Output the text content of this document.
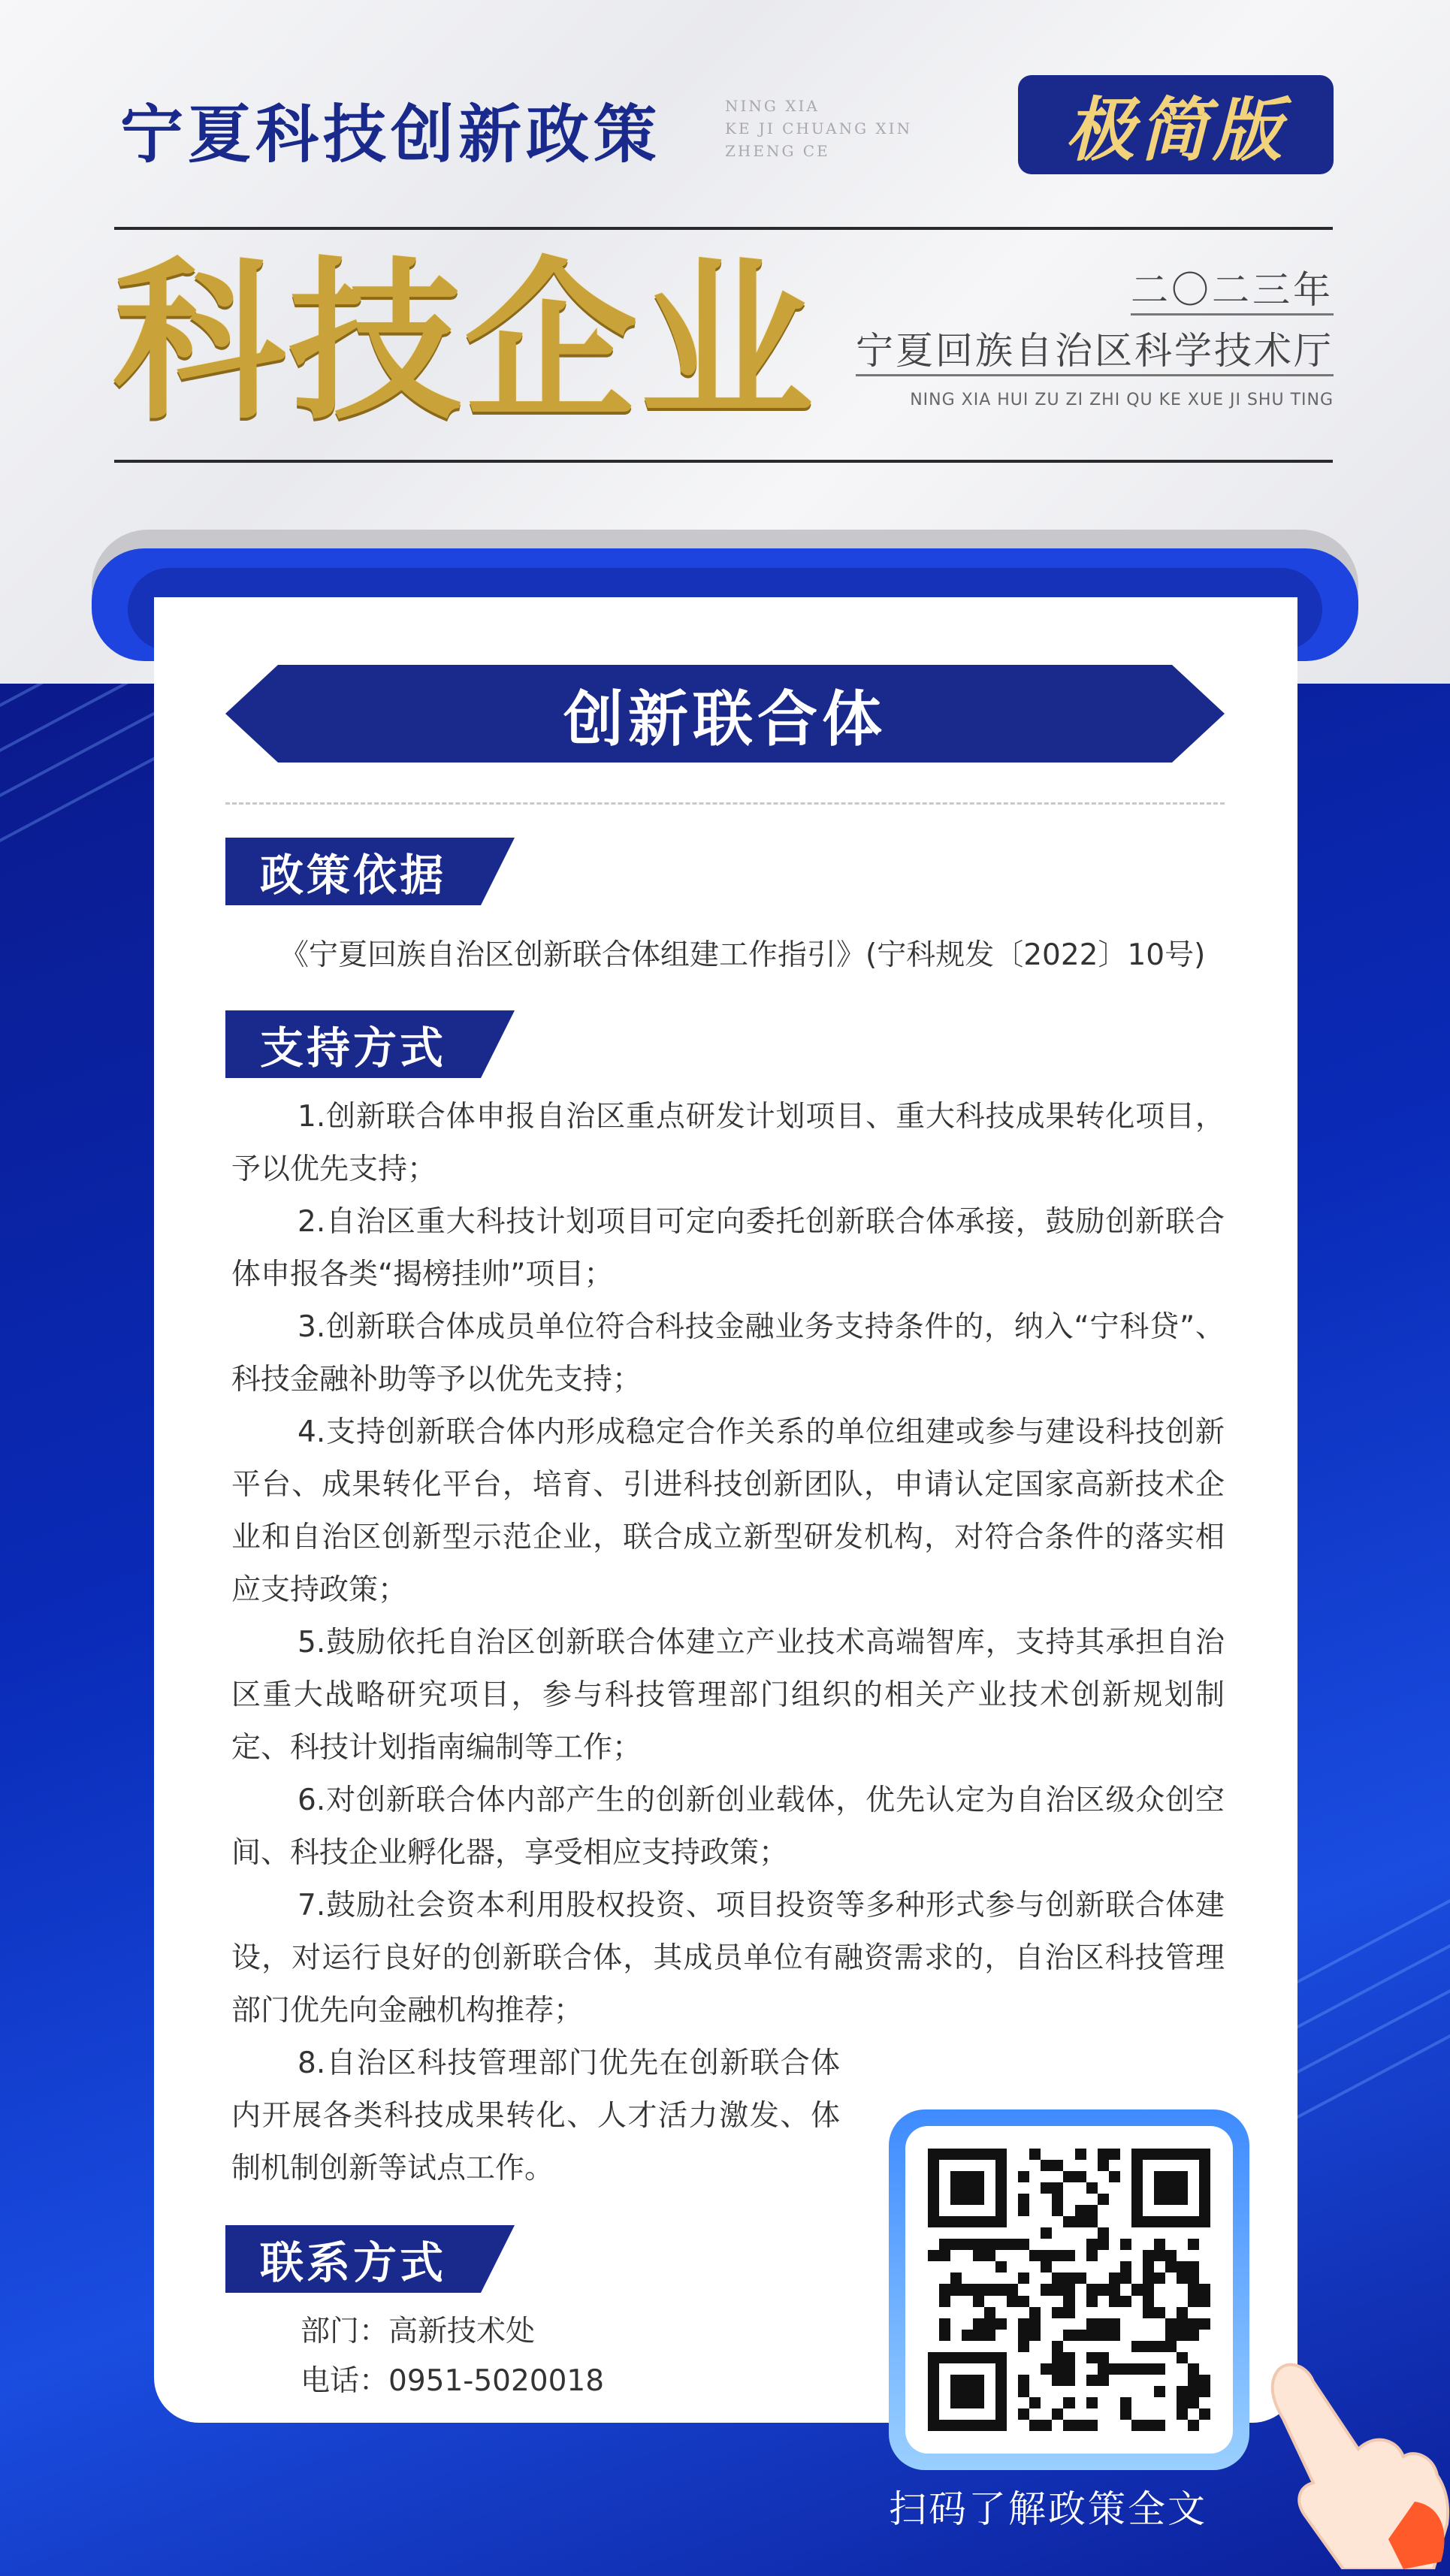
宁夏科技创新政策	NING XIA
KE JI CHUANG XIN
ZHENG CE	极简版
科技企业	二〇二三年
宁夏回族自治区科学技术厅
NING XIA HUI ZU ZI ZHI QU KE XUE JI SHU TING
创新联合体
政策依据
《宁夏回族自治区创新联合体组建工作指引》(宁科规发〔2022〕10号)
支持方式
1.创新联合体申报自治区重点研发计划项目、重大科技成果转化项目，予以优先支持；
2.自治区重大科技计划项目可定向委托创新联合体承接，鼓励创新联合体申报各类“揭榜挂帅”项目；
3.创新联合体成员单位符合科技金融业务支持条件的，纳入“宁科贷”、科技金融补助等予以优先支持；
4.支持创新联合体内形成稳定合作关系的单位组建或参与建设科技创新平台、成果转化平台，培育、引进科技创新团队，申请认定国家高新技术企业和自治区创新型示范企业，联合成立新型研发机构，对符合条件的落实相应支持政策；
5.鼓励依托自治区创新联合体建立产业技术高端智库，支持其承担自治区重大战略研究项目，参与科技管理部门组织的相关产业技术创新规划制定、科技计划指南编制等工作；
6.对创新联合体内部产生的创新创业载体，优先认定为自治区级众创空间、科技企业孵化器，享受相应支持政策；
7.鼓励社会资本利用股权投资、项目投资等多种形式参与创新联合体建设，对运行良好的创新联合体，其成员单位有融资需求的，自治区科技管理部门优先向金融机构推荐；
8.自治区科技管理部门优先在创新联合体内开展各类科技成果转化、人才活力激发、体制机制创新等试点工作。
联系方式
部门：高新技术处
电话：0951-5020018
扫码了解政策全文
